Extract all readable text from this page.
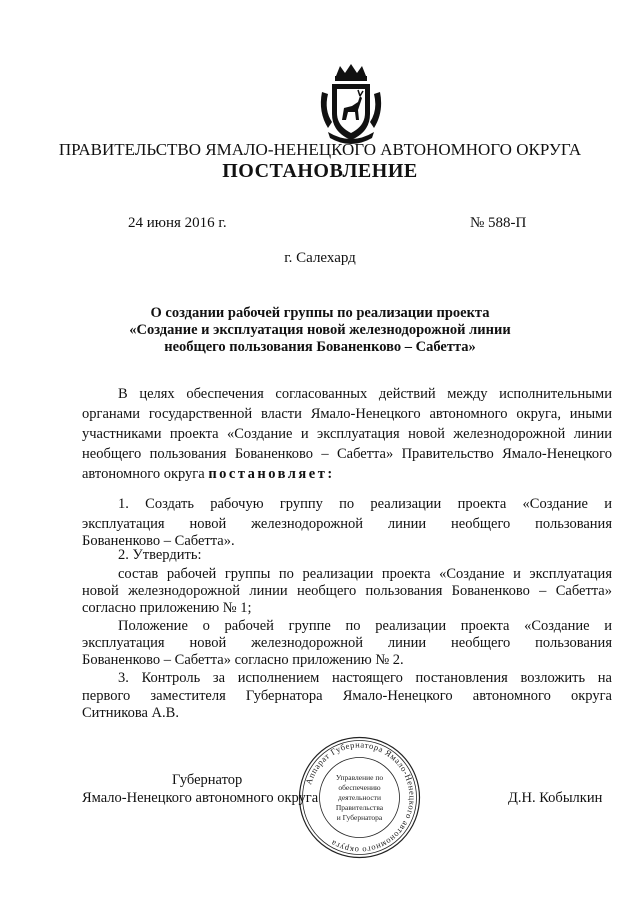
ПРАВИТЕЛЬСТВО ЯМАЛО-НЕНЕЦКОГО АВТОНОМНОГО ОКРУГА
ПОСТАНОВЛЕНИЕ
24 июня 2016 г.	№ 588-П
г. Салехард
О создании рабочей группы по реализации проекта
«Создание и эксплуатация новой железнодорожной линии
необщего пользования Бованенково – Сабетта»
В целях обеспечения согласованных действий между исполнительными
органами государственной власти Ямало-Ненецкого автономного округа, иными
участниками проекта «Создание и эксплуатация новой железнодорожной линии
необщего пользования Бованенково – Сабетта» Правительство Ямало-Ненецкого
автономного округа постановляет:
1. Создать рабочую группу по реализации проекта «Создание и
эксплуатация новой железнодорожной линии необщего пользования
Бованенково – Сабетта».
2. Утвердить:
состав рабочей группы по реализации проекта «Создание и эксплуатация
новой железнодорожной линии необщего пользования Бованенково – Сабетта»
согласно приложению № 1;
Положение о рабочей группе по реализации проекта «Создание и
эксплуатация новой железнодорожной линии необщего пользования
Бованенково – Сабетта» согласно приложению № 2.
3. Контроль за исполнением настоящего постановления возложить на
первого заместителя Губернатора Ямало-Ненецкого автономного округа
Ситникова А.В.
Аппарат Губернатора Ямало-Ненецкого автономного округа
Управление по
обеспечению
деятельности
Правительства
и Губернатора
Губернатор
Ямало-Ненецкого автономного округа	Д.Н. Кобылкин
